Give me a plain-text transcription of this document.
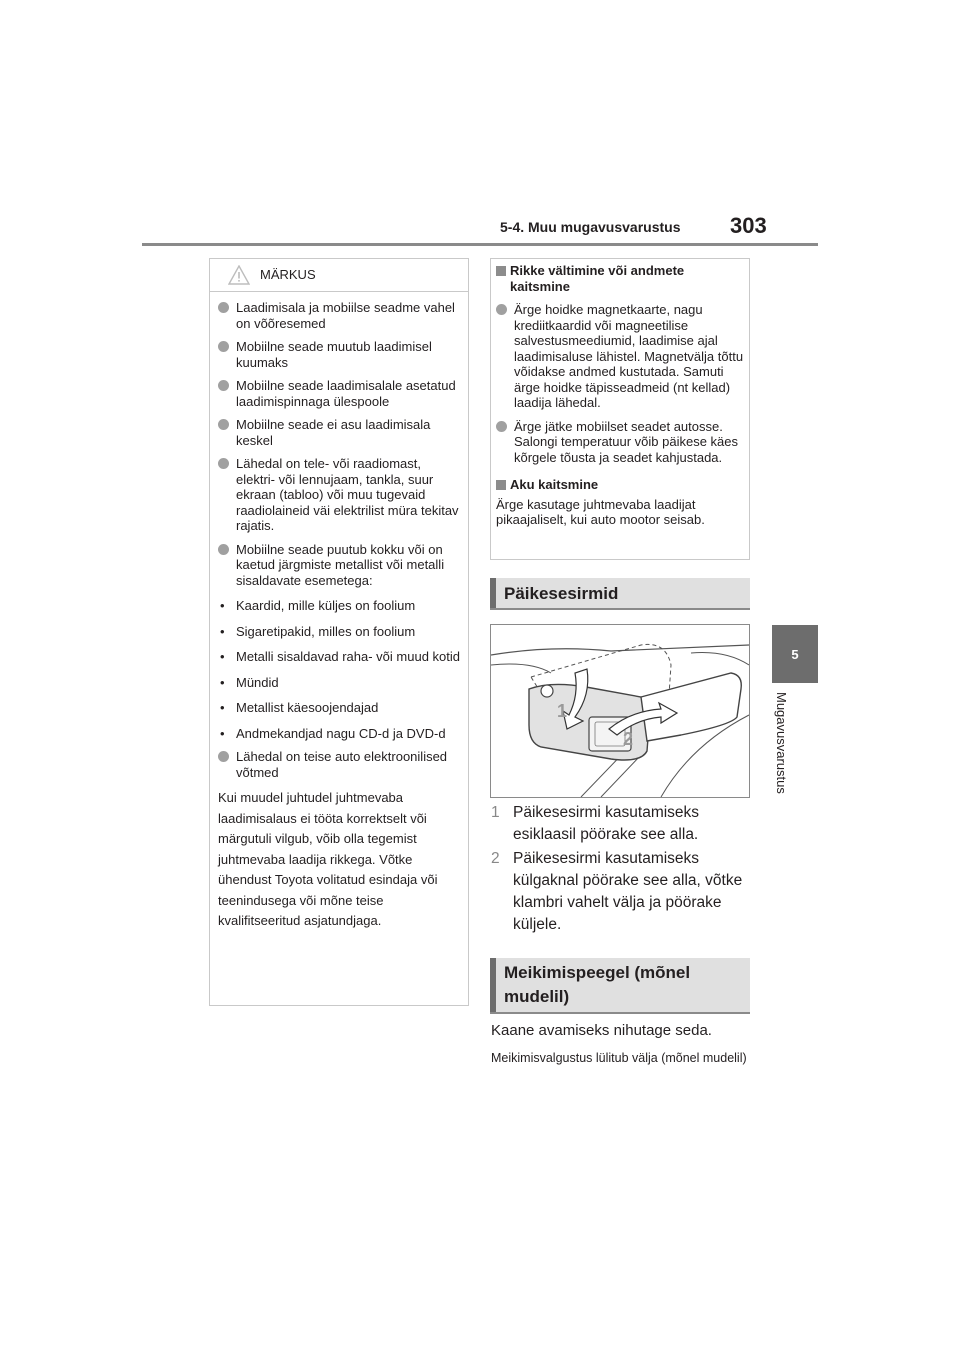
5-4. Muu mugavusvarustus 303
5
Mugavusvarustus
MÄRKUS
Laadimisala ja mobiilse seadme vahel on võõresemed
Mobiilne seade muutub laadimisel kuumaks
Mobiilne seade laadimisalale asetatud laadimispinnaga ülespoole
Mobiilne seade ei asu laadimisala keskel
Lähedal on tele- või raadiomast, elektri- või lennujaam, tankla, suur ekraan (tabloo) või muu tugevaid raadiolaineid väi elektrilist müra tekitav rajatis.
Mobiilne seade puutub kokku või on kaetud järgmiste metallist või metalli sisaldavate esemetega:
• Kaardid, mille küljes on foolium
• Sigaretipakid, milles on foolium
• Metalli sisaldavad raha- või muud kotid
• Mündid
• Metallist käesoojendajad
• Andmekandjad nagu CD-d ja DVD-d
Lähedal on teise auto elektroonilised võtmed
Kui muudel juhtudel juhtmevaba laadimisalaus ei tööta korrektselt või märgutuli vilgub, võib olla tegemist juhtmevaba laadija rikkega. Võtke ühendust Toyota volitatud esindaja või teenindusega või mõne teise kvalifitseeritud asjatundjaga.
Rikke vältimine või andmete kaitsmine
Ärge hoidke magnetkaarte, nagu krediitkaardid või magneetilise salvestusmeediumid, laadimise ajal laadimisaluse lähistel. Magnetvälja tõttu võidakse andmed kustutada. Samuti ärge hoidke täpisseadmeid (nt kellad) laadija lähedal.
Ärge jätke mobiilset seadet autosse. Salongi temperatuur võib päikese käes kõrgele tõusta ja seadet kahjustada.
Aku kaitsmine
Ärge kasutage juhtmevaba laadijat pikaajaliselt, kui auto mootor seisab.
Päikesesirmid
1
2
1 Päikesesirmi kasutamiseks esiklaasil pöörake see alla.
2 Päikesesirmi kasutamiseks külgaknal pöörake see alla, võtke klambri vahelt välja ja pöörake küljele.
Meikimispeegel (mõnel mudelil)
Kaane avamiseks nihutage seda.
Meikimisvalgustus lülitub välja (mõnel mudelil)
